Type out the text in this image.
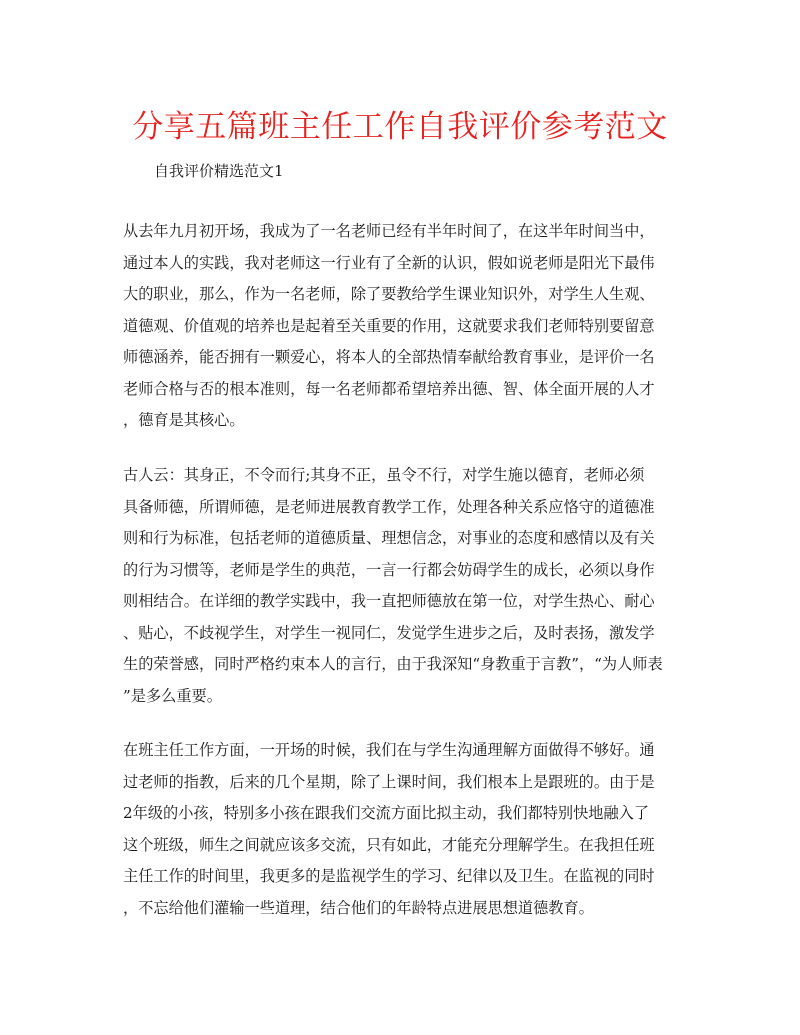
分享五篇班主任工作自我评价参考范文

自我评价精选范文1

从去年九月初开场，我成为了一名老师已经有半年时间了，在这半年时间当中，
通过本人的实践，我对老师这一行业有了全新的认识，假如说老师是阳光下最伟
大的职业，那么，作为一名老师，除了要教给学生课业知识外，对学生人生观、
道德观、价值观的培养也是起着至关重要的作用，这就要求我们老师特别要留意
师德涵养，能否拥有一颗爱心，将本人的全部热情奉献给教育事业，是评价一名
老师合格与否的根本准则，每一名老师都希望培养出德、智、体全面开展的人才
，德育是其核心。
古人云：其身正，不令而行;其身不正，虽令不行，对学生施以德育，老师必须
具备师德，所谓师德，是老师进展教育教学工作，处理各种关系应恪守的道德准
则和行为标准，包括老师的道德质量、理想信念，对事业的态度和感情以及有关
的行为习惯等，老师是学生的典范，一言一行都会妨碍学生的成长，必须以身作
则相结合。在详细的教学实践中，我一直把师德放在第一位，对学生热心、耐心
、贴心，不歧视学生，对学生一视同仁，发觉学生进步之后，及时表扬，激发学
生的荣誉感，同时严格约束本人的言行，由于我深知“身教重于言教”，“为人师表
”是多么重要。
在班主任工作方面，一开场的时候，我们在与学生沟通理解方面做得不够好。通
过老师的指教，后来的几个星期，除了上课时间，我们根本上是跟班的。由于是
2年级的小孩，特别多小孩在跟我们交流方面比拟主动，我们都特别快地融入了
这个班级，师生之间就应该多交流，只有如此，才能充分理解学生。在我担任班
主任工作的时间里，我更多的是监视学生的学习、纪律以及卫生。在监视的同时
，不忘给他们灌输一些道理，结合他们的年龄特点进展思想道德教育。
